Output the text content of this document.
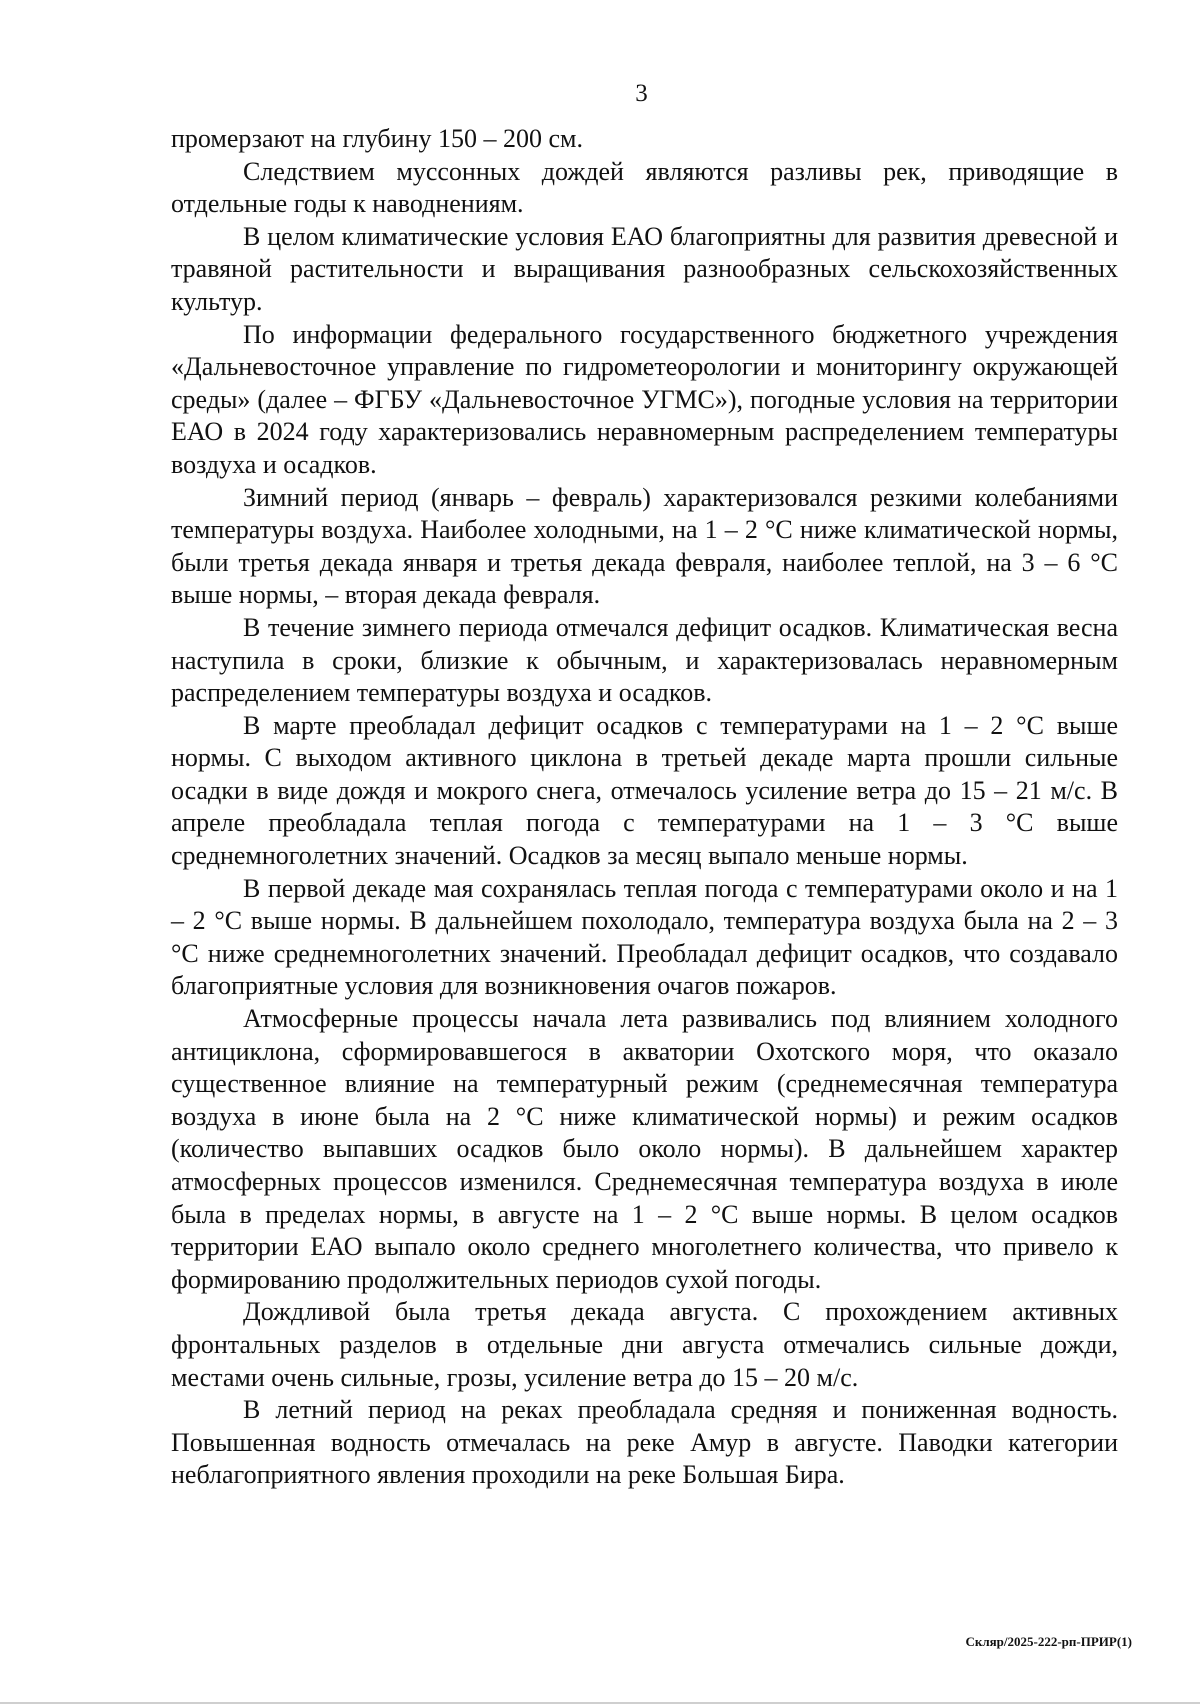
3

промерзают на глубину 150 – 200 см.

Следствием муссонных дождей являются разливы рек, приводящие в отдельные годы к наводнениям.

В целом климатические условия ЕАО благоприятны для развития древесной и травяной растительности и выращивания разнообразных сельскохозяйственных культур.

По информации федерального государственного бюджетного учреждения «Дальневосточное управление по гидрометеорологии и мониторингу окружающей среды» (далее – ФГБУ «Дальневосточное УГМС»), погодные условия на территории ЕАО в 2024 году характеризовались неравномерным распределением температуры воздуха и осадков.

Зимний период (январь – февраль) характеризовался резкими колебаниями температуры воздуха. Наиболее холодными, на 1 – 2 °С ниже климатической нормы, были третья декада января и третья декада февраля, наиболее теплой, на 3 – 6 °С выше нормы, – вторая декада февраля.

В течение зимнего периода отмечался дефицит осадков. Климатическая весна наступила в сроки, близкие к обычным, и характеризовалась неравномерным распределением температуры воздуха и осадков.

В марте преобладал дефицит осадков с температурами на 1 – 2 °С выше нормы. С выходом активного циклона в третьей декаде марта прошли сильные осадки в виде дождя и мокрого снега, отмечалось усиление ветра до 15 – 21 м/с. В апреле преобладала теплая погода с температурами на 1 – 3 °С выше среднемноголетних значений. Осадков за месяц выпало меньше нормы.

В первой декаде мая сохранялась теплая погода с температурами около и на 1 – 2 °С выше нормы. В дальнейшем похолодало, температура воздуха была на 2 – 3 °С ниже среднемноголетних значений. Преобладал дефицит осадков, что создавало благоприятные условия для возникновения очагов пожаров.

Атмосферные процессы начала лета развивались под влиянием холодного антициклона, сформировавшегося в акватории Охотского моря, что оказало существенное влияние на температурный режим (среднемесячная температура воздуха в июне была на 2 °С ниже климатической нормы) и режим осадков (количество выпавших осадков было около нормы). В дальнейшем характер атмосферных процессов изменился. Среднемесячная температура воздуха в июле была в пределах нормы, в августе на 1 – 2 °С выше нормы. В целом осадков территории ЕАО выпало около среднего многолетнего количества, что привело к формированию продолжительных периодов сухой погоды.

Дождливой была третья декада августа. С прохождением активных фронтальных разделов в отдельные дни августа отмечались сильные дожди, местами очень сильные, грозы, усиление ветра до 15 – 20 м/с.

В летний период на реках преобладала средняя и пониженная водность. Повышенная водность отмечалась на реке Амур в августе. Паводки категории неблагоприятного явления проходили на реке Большая Бира.

Скляр/2025-222-рп-ПРИР(1)
